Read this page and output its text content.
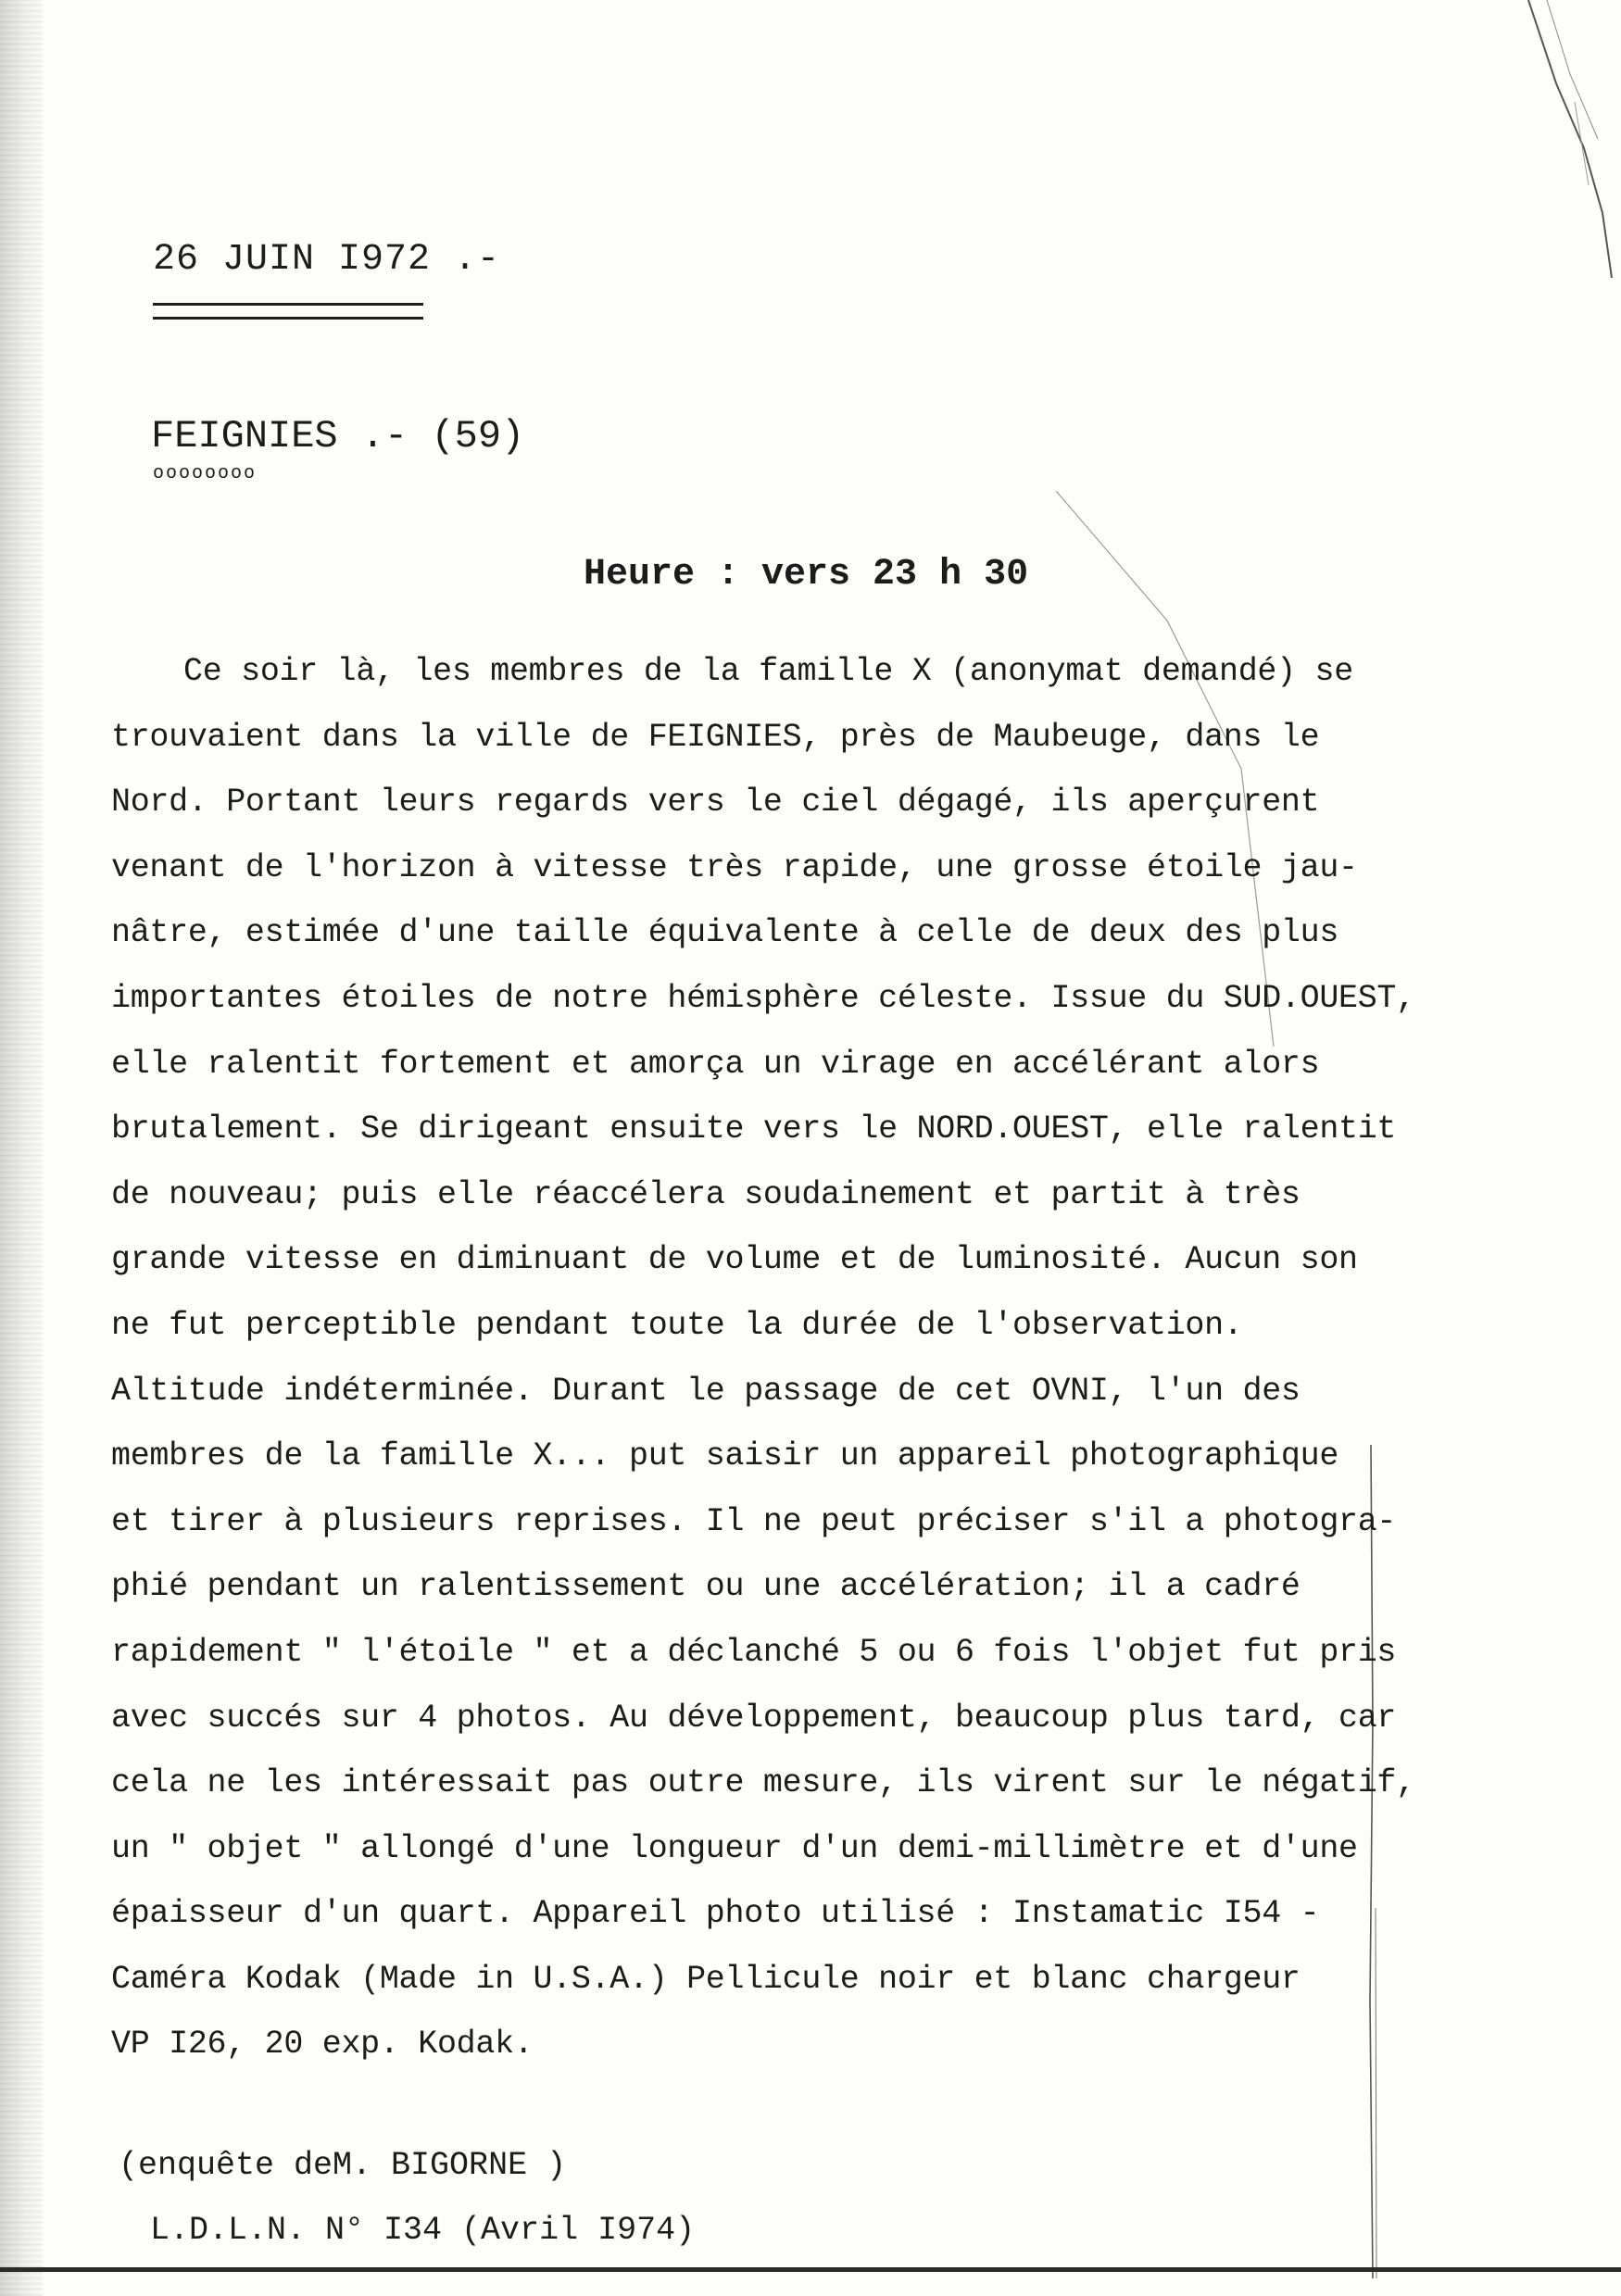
26 JUIN I972 .-
FEIGNIES .- (59)
oooooooo
Heure : vers 23 h 30
Ce soir là, les membres de la famille X (anonymat demandé) se
trouvaient dans la ville de FEIGNIES, près de Maubeuge, dans le
Nord. Portant leurs regards vers le ciel dégagé, ils aperçurent
venant de l'horizon à vitesse très rapide, une grosse étoile jau-
nâtre, estimée d'une taille équivalente à celle de deux des plus
importantes étoiles de notre hémisphère céleste. Issue du SUD.OUEST,
elle ralentit fortement et amorça un virage en accélérant alors
brutalement. Se dirigeant ensuite vers le NORD.OUEST, elle ralentit
de nouveau; puis elle réaccélera soudainement et partit à très
grande vitesse en diminuant de volume et de luminosité. Aucun son
ne fut perceptible pendant toute la durée de l'observation.
Altitude indéterminée. Durant le passage de cet OVNI, l'un des
membres de la famille X... put saisir un appareil photographique
et tirer à plusieurs reprises. Il ne peut préciser s'il a photogra-
phié pendant un ralentissement ou une accélération; il a cadré
rapidement " l'étoile " et a déclanché 5 ou 6 fois l'objet fut pris
avec succés sur 4 photos. Au développement, beaucoup plus tard, car
cela ne les intéressait pas outre mesure, ils virent sur le négatif,
un " objet " allongé d'une longueur d'un demi-millimètre et d'une
épaisseur d'un quart. Appareil photo utilisé : Instamatic I54 -
Caméra Kodak (Made in U.S.A.) Pellicule noir et blanc chargeur
VP I26, 20 exp. Kodak.
(enquête deM. BIGORNE )
L.D.L.N. N° I34 (Avril I974)
